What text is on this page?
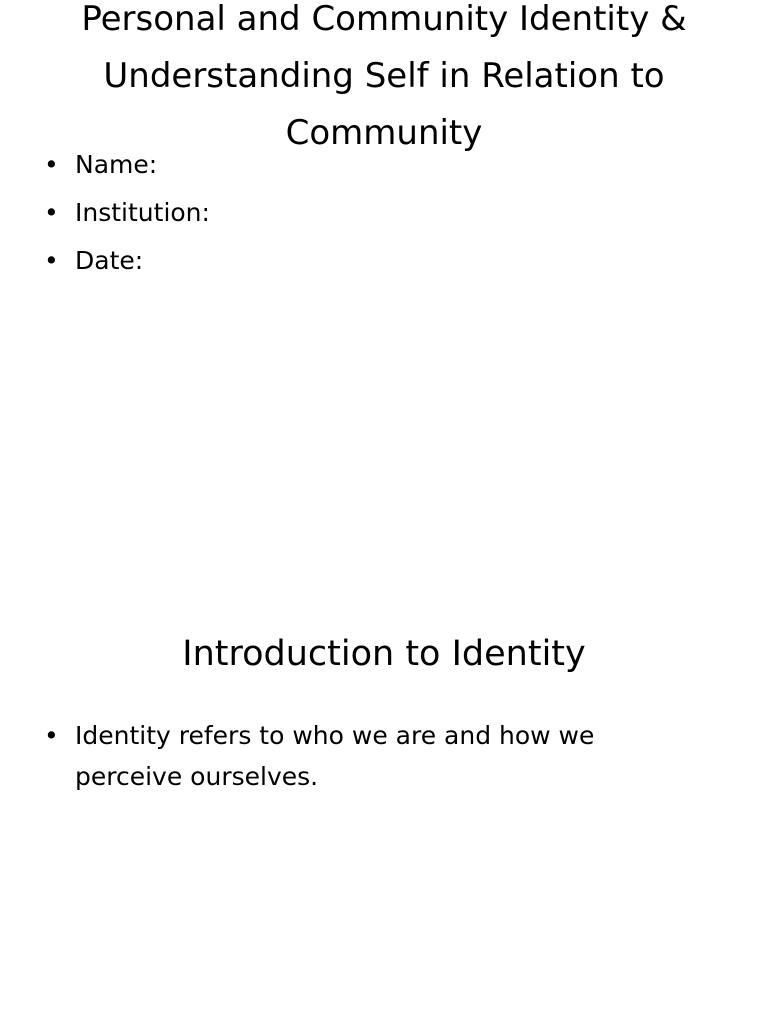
Personal and Community Identity & Understanding Self in Relation to Community
• Name:
• Institution:
• Date:
Introduction to Identity
• Identity refers to who we are and how we perceive ourselves.
